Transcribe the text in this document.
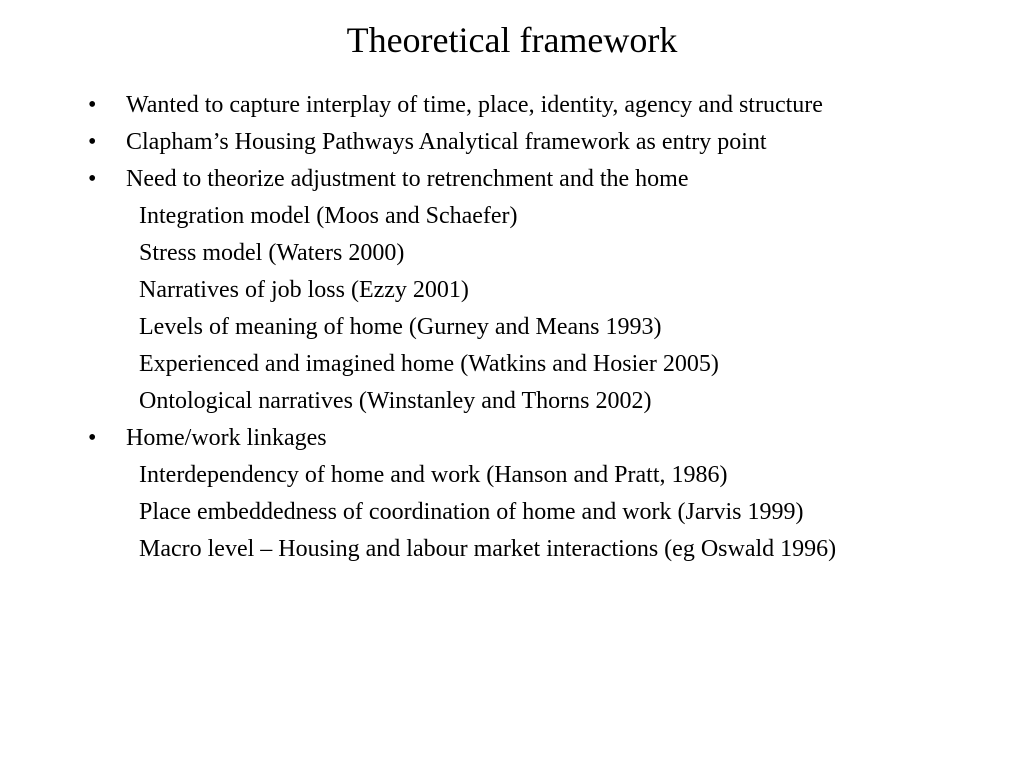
Theoretical framework
• Wanted to capture interplay of time, place, identity, agency and structure
• Clapham’s Housing Pathways Analytical framework as entry point
• Need to theorize adjustment to retrenchment and the home
Integration model (Moos and Schaefer)
Stress model (Waters 2000)
Narratives of job loss (Ezzy 2001)
Levels of meaning of home (Gurney and Means 1993)
Experienced and imagined home (Watkins and Hosier 2005)
Ontological narratives (Winstanley and Thorns 2002)
• Home/work linkages
Interdependency of home and work (Hanson and Pratt, 1986)
Place embeddedness of coordination of home and work (Jarvis 1999)
Macro level – Housing and labour market interactions (eg Oswald 1996)
